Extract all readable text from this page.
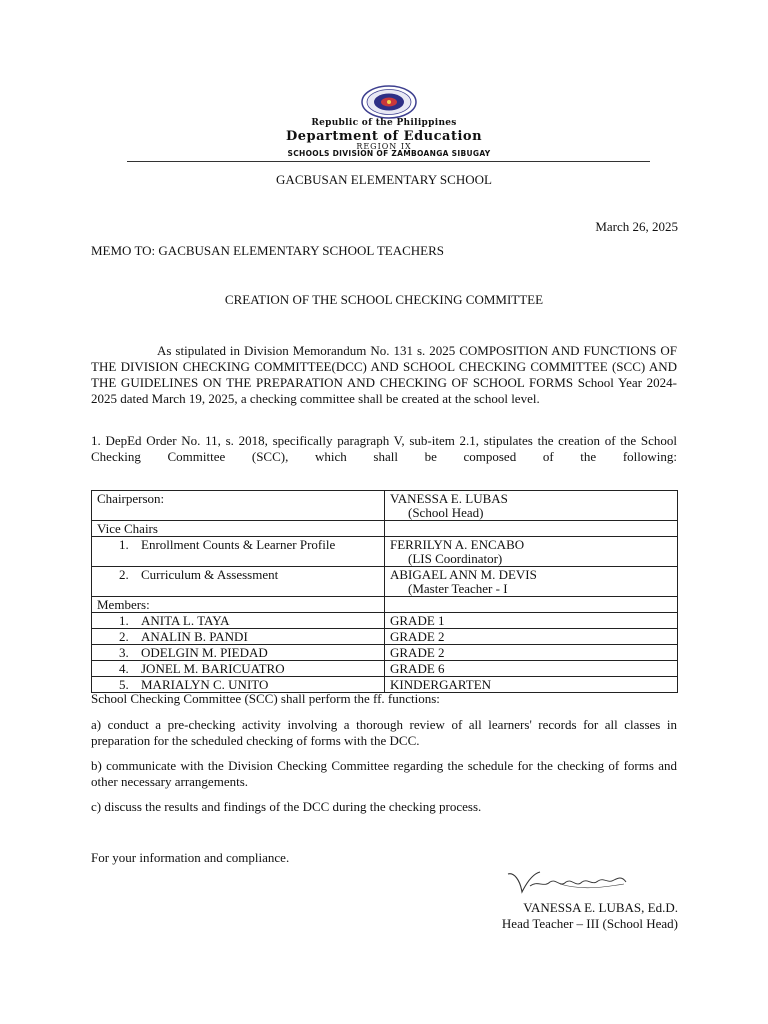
Republic of the Philippines
Department of Education
REGION IX
SCHOOLS DIVISION OF ZAMBOANGA SIBUGAY
GACBUSAN ELEMENTARY SCHOOL
March 26, 2025
MEMO TO: GACBUSAN ELEMENTARY SCHOOL TEACHERS
CREATION OF THE SCHOOL CHECKING COMMITTEE
As stipulated in Division Memorandum No. 131 s. 2025 COMPOSITION AND FUNCTIONS OF THE DIVISION CHECKING COMMITTEE(DCC) AND SCHOOL CHECKING COMMITTEE (SCC) AND THE GUIDELINES ON THE PREPARATION AND CHECKING OF SCHOOL FORMS School Year 2024-2025 dated March 19, 2025, a checking committee shall be created at the school level.
1. DepEd Order No. 11, s. 2018, specifically paragraph V, sub-item 2.1, stipulates the creation of the School Checking Committee (SCC), which shall be composed of the following:
Chairperson:	VANESSA E. LUBAS

(School Head)

Vice Chairs	
1. Enrollment Counts & Learner Profile	FERRILYN A. ENCABO

(LIS Coordinator)

2. Curriculum & Assessment	ABIGAEL ANN M. DEVIS

(Master Teacher - I

Members:	
1. ANITA L. TAYA	GRADE 1
2. ANALIN B. PANDI	GRADE 2
3. ODELGIN M. PIEDAD	GRADE 2
4. JONEL M. BARICUATRO	GRADE 6
5. MARIALYN C. UNITO	KINDERGARTEN
School Checking Committee (SCC) shall perform the ff. functions:
a) conduct a pre-checking activity involving a thorough review of all learners' records for all classes in preparation for the scheduled checking of forms with the DCC.
b) communicate with the Division Checking Committee regarding the schedule for the checking of forms and other necessary arrangements.
c) discuss the results and findings of the DCC during the checking process.
For your information and compliance.
VANESSA E. LUBAS, Ed.D.
Head Teacher – III (School Head)
